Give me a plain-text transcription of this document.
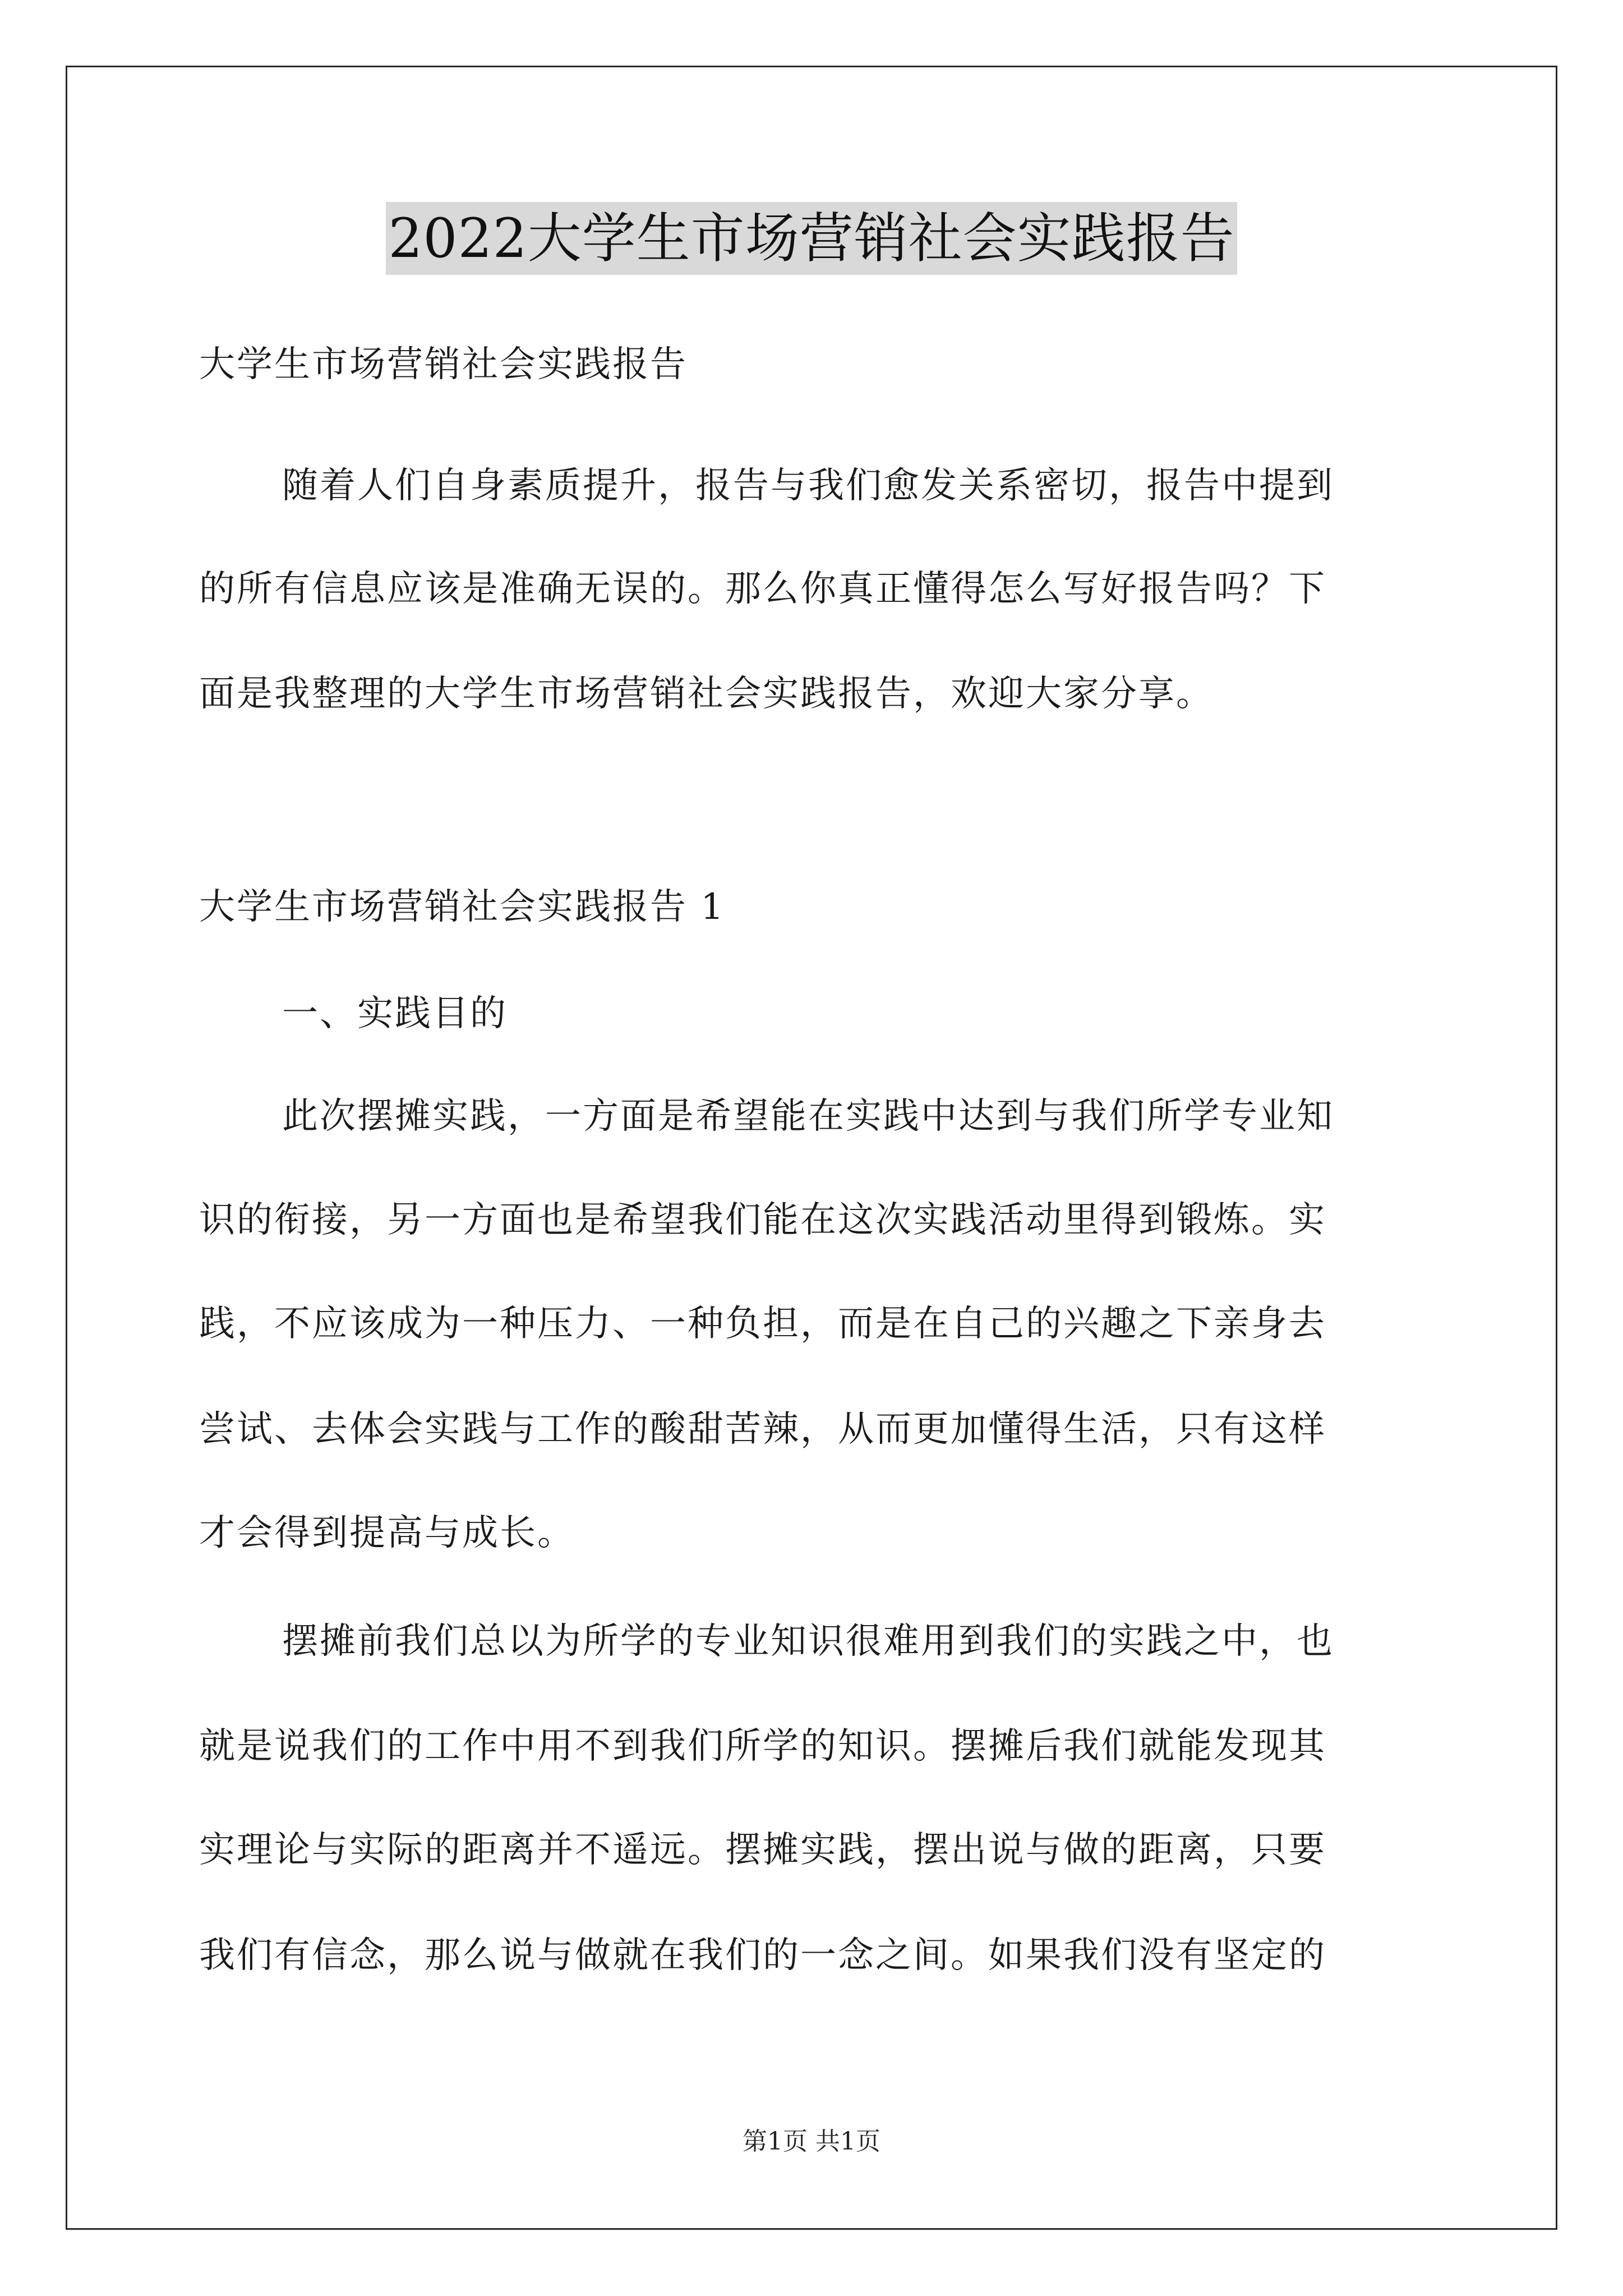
2022大学生市场营销社会实践报告
大学生市场营销社会实践报告
随着人们自身素质提升，报告与我们愈发关系密切，报告中提到
的所有信息应该是准确无误的。那么你真正懂得怎么写好报告吗？下
面是我整理的大学生市场营销社会实践报告，欢迎大家分享。
大学生市场营销社会实践报告 1
一、实践目的
此次摆摊实践，一方面是希望能在实践中达到与我们所学专业知
识的衔接，另一方面也是希望我们能在这次实践活动里得到锻炼。实
践，不应该成为一种压力、一种负担，而是在自己的兴趣之下亲身去
尝试、去体会实践与工作的酸甜苦辣，从而更加懂得生活，只有这样
才会得到提高与成长。
摆摊前我们总以为所学的专业知识很难用到我们的实践之中，也
就是说我们的工作中用不到我们所学的知识。摆摊后我们就能发现其
实理论与实际的距离并不遥远。摆摊实践，摆出说与做的距离，只要
我们有信念，那么说与做就在我们的一念之间。如果我们没有坚定的
第1页 共1页
